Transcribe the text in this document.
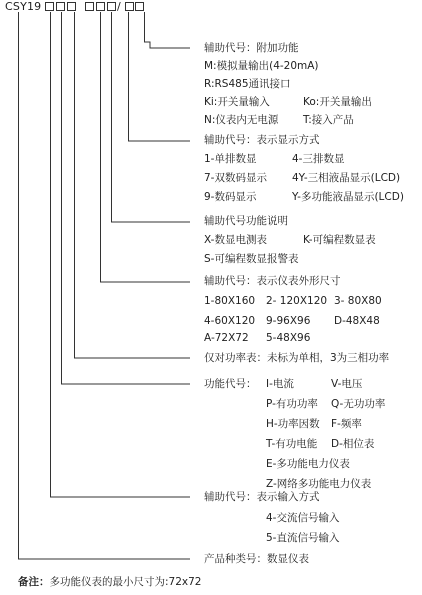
CSY19	/
辅助代号：附加功能
M:模拟量输出(4-20mA)
R:RS485通讯接口
Ki:开关量输入	Ko:开关量输出
N:仪表内无电源 T:接入产品
辅助代号：表示显示方式
1-单排数显	4-三排数显
7-双数码显示 4Y-三相液晶显示(LCD)
9-数码显示	Y-多功能液晶显示(LCD)
辅助代号功能说明
X-数显电测表	K-可编程数显表
S-可编程数显报警表
辅助代号：表示仪表外形尺寸
1-80X160 2- 120X120 3- 80X80
4-60X120 9-96X96 D-48X48
A-72X72 5-48X96
仅对功率表：未标为单相，3为三相功率
功能代号： I-电流	V-电压
P-有功功率 Q-无功功率
H-功率因数 F-频率
T-有功电能 D-相位表
E-多功能电力仪表
Z-网络多功能电力仪表
辅助代号：表示输入方式
4-交流信号输入
5-直流信号输入
产品种类号：数显仪表
备注：多功能仪表的最小尺寸为:72x72
